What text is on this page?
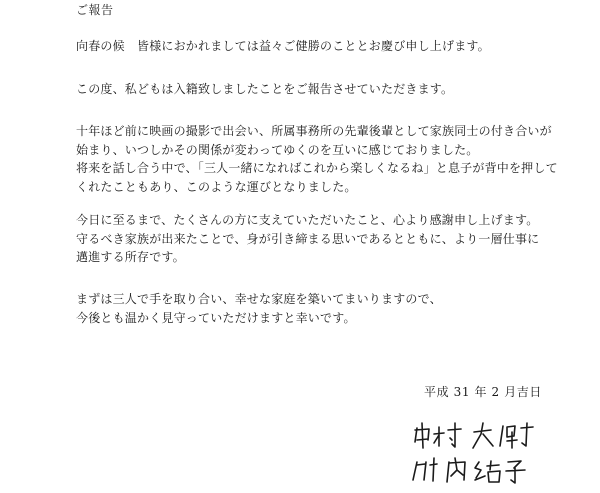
ご報告
向春の候　皆様におかれましては益々ご健勝のこととお慶び申し上げます。
この度、私どもは入籍致しましたことをご報告させていただきます。
十年ほど前に映画の撮影で出会い、所属事務所の先輩後輩として家族同士の付き合いが
始まり、いつしかその関係が変わってゆくのを互いに感じておりました。
将来を話し合う中で、「三人一緒になればこれから楽しくなるね」と息子が背中を押して
くれたこともあり、このような運びとなりました。
今日に至るまで、たくさんの方に支えていただいたこと、心より感謝申し上げます。
守るべき家族が出来たことで、身が引き締まる思いであるとともに、より一層仕事に
邁進する所存です。
まずは三人で手を取り合い、幸せな家庭を築いてまいりますので、
今後とも温かく見守っていただけますと幸いです。
平成 31 年 2 月吉日
